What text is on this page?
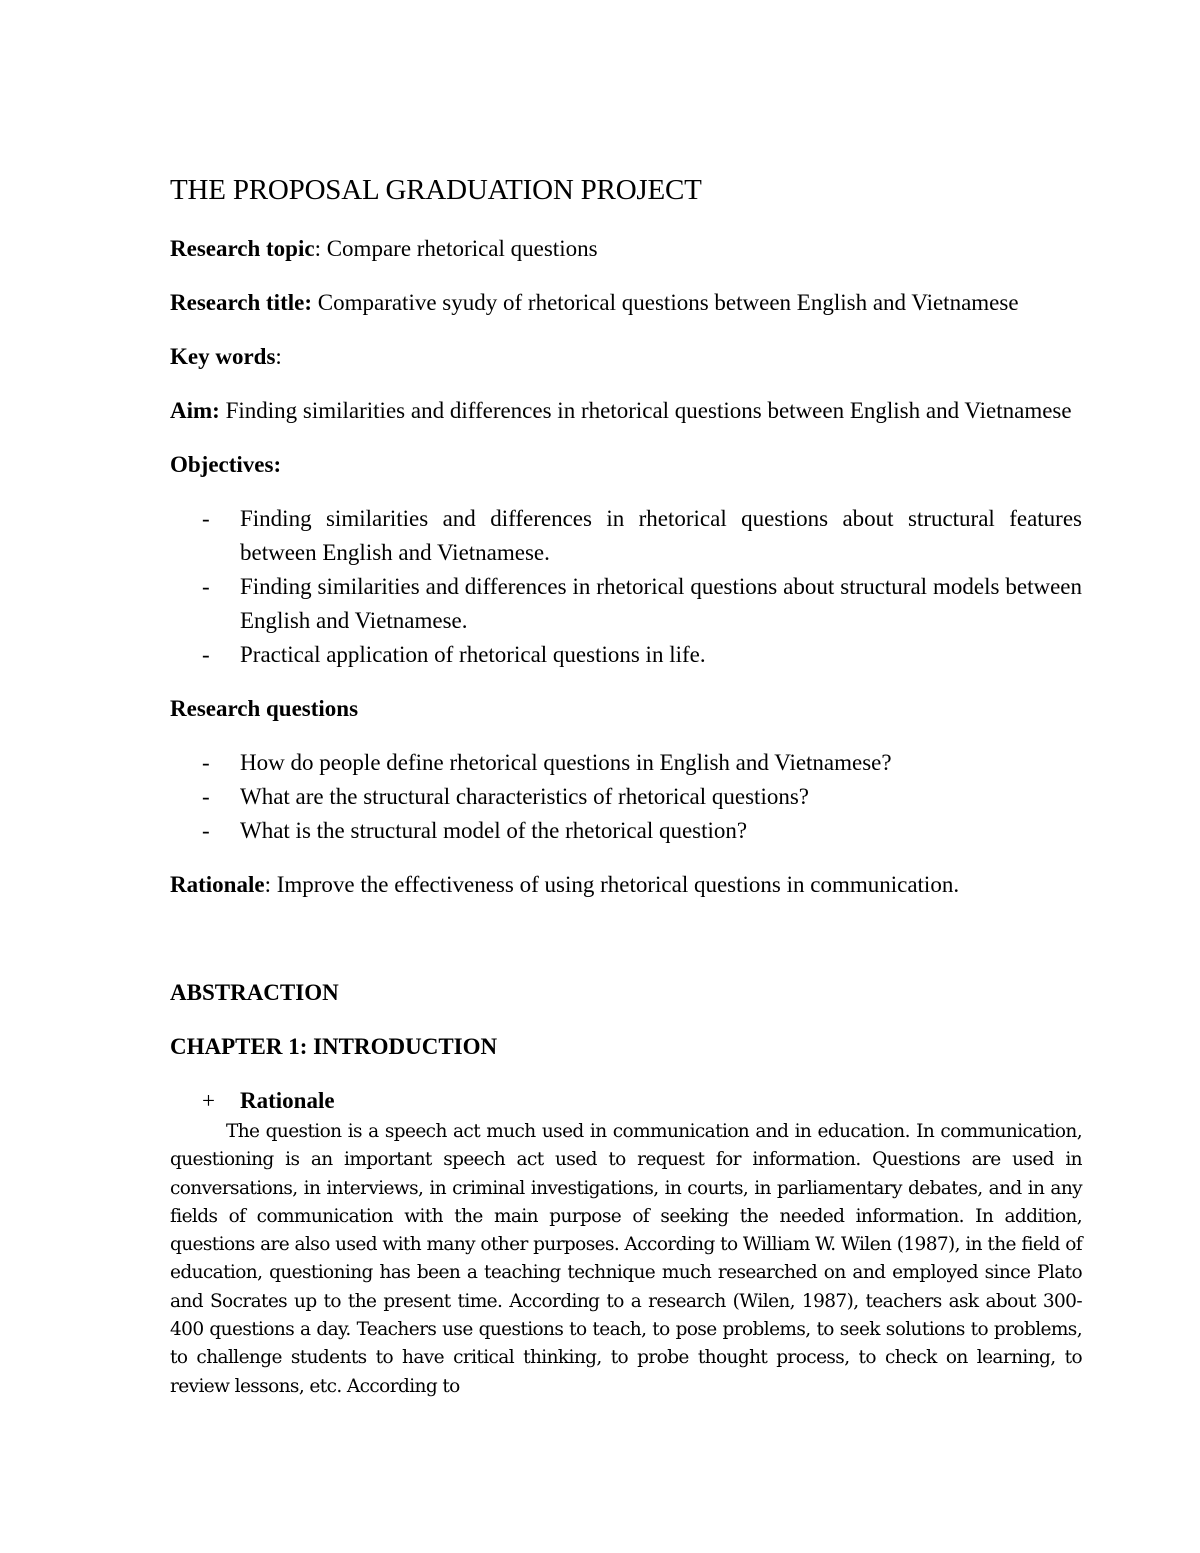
THE PROPOSAL GRADUATION PROJECT

Research topic: Compare rhetorical questions

Research title: Comparative syudy of rhetorical questions between English and Vietnamese

Key words:

Aim: Finding similarities and differences in rhetorical questions between English and Vietnamese

Objectives:

- Finding similarities and differences in rhetorical questions about structural features between English and Vietnamese.
- Finding similarities and differences in rhetorical questions about structural models between English and Vietnamese.
- Practical application of rhetorical questions in life.

Research questions

- How do people define rhetorical questions in English and Vietnamese?
- What are the structural characteristics of rhetorical questions?
- What is the structural model of the rhetorical question?

Rationale: Improve the effectiveness of using rhetorical questions in communication.

ABSTRACTION

CHAPTER 1: INTRODUCTION

+ Rationale

The question is a speech act much used in communication and in education. In communication, questioning is an important speech act used to request for information. Questions are used in conversations, in interviews, in criminal investigations, in courts, in parliamentary debates, and in any fields of communication with the main purpose of seeking the needed information. In addition, questions are also used with many other purposes. According to William W. Wilen (1987), in the field of education, questioning has been a teaching technique much researched on and employed since Plato and Socrates up to the present time. According to a research (Wilen, 1987), teachers ask about 300-400 questions a day. Teachers use questions to teach, to pose problems, to seek solutions to problems, to challenge students to have critical thinking, to probe thought process, to check on learning, to review lessons, etc. According to
